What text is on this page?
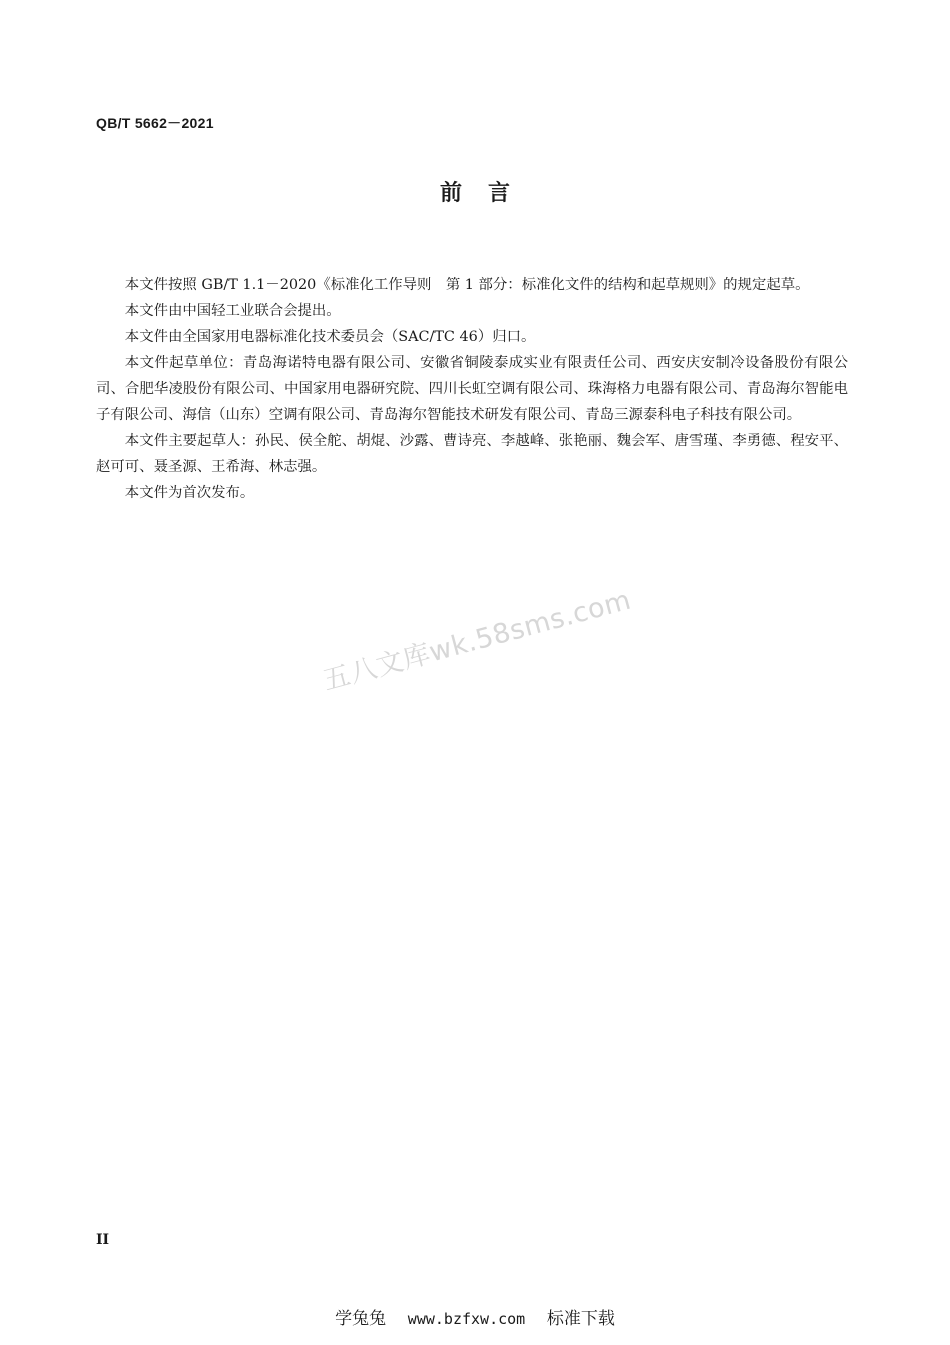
QB/T 5662－2021
前言

本文件按照 GB/T 1.1－2020《标准化工作导则　第 1 部分：标准化文件的结构和起草规则》的规定起草。

本文件由中国轻工业联合会提出。

本文件由全国家用电器标准化技术委员会（SAC/TC 46）归口。

本文件起草单位：青岛海诺特电器有限公司、安徽省铜陵泰成实业有限责任公司、西安庆安制冷设备股份有限公司、合肥华凌股份有限公司、中国家用电器研究院、四川长虹空调有限公司、珠海格力电器有限公司、青岛海尔智能电子有限公司、海信（山东）空调有限公司、青岛海尔智能技术研发有限公司、青岛三源泰科电子科技有限公司。

本文件主要起草人：孙民、侯全舵、胡焜、沙露、曹诗亮、李越峰、张艳丽、魏会军、唐雪瑾、李勇德、程安平、赵可可、聂圣源、王希海、林志强。

本文件为首次发布。

五八文库wk.58sms.com
II
学兔兔 www.bzfxw.com 标准下载
